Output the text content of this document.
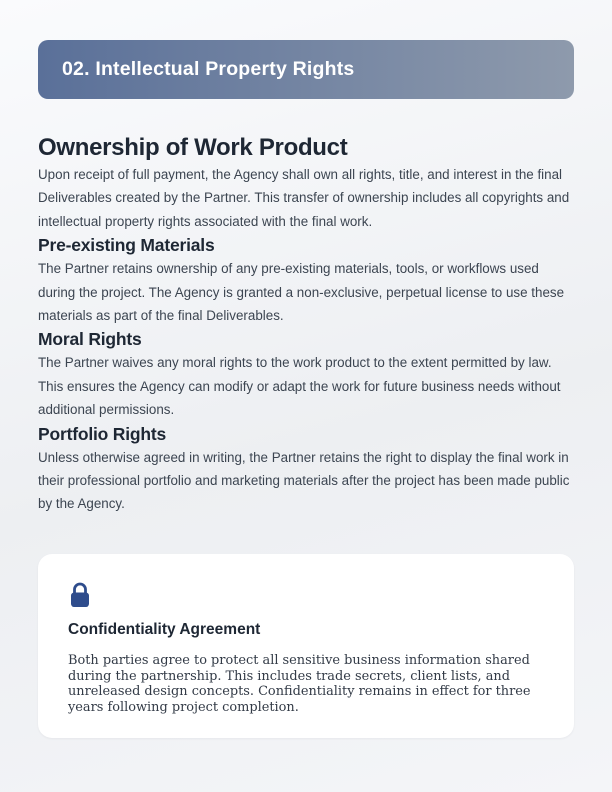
02. Intellectual Property Rights
Ownership of Work Product

Upon receipt of full payment, the Agency shall own all rights, title, and interest in the final Deliverables created by the Partner. This transfer of ownership includes all copyrights and intellectual property rights associated with the final work.

Pre-existing Materials

The Partner retains ownership of any pre-existing materials, tools, or workflows used during the project. The Agency is granted a non-exclusive, perpetual license to use these materials as part of the final Deliverables.

Moral Rights

The Partner waives any moral rights to the work product to the extent permitted by law. This ensures the Agency can modify or adapt the work for future business needs without additional permissions.

Portfolio Rights

Unless otherwise agreed in writing, the Partner retains the right to display the final work in their professional portfolio and marketing materials after the project has been made public by the Agency.

Confidentiality Agreement

Both parties agree to protect all sensitive business information shared during the partnership. This includes trade secrets, client lists, and unreleased design concepts. Confidentiality remains in effect for three years following project completion.
